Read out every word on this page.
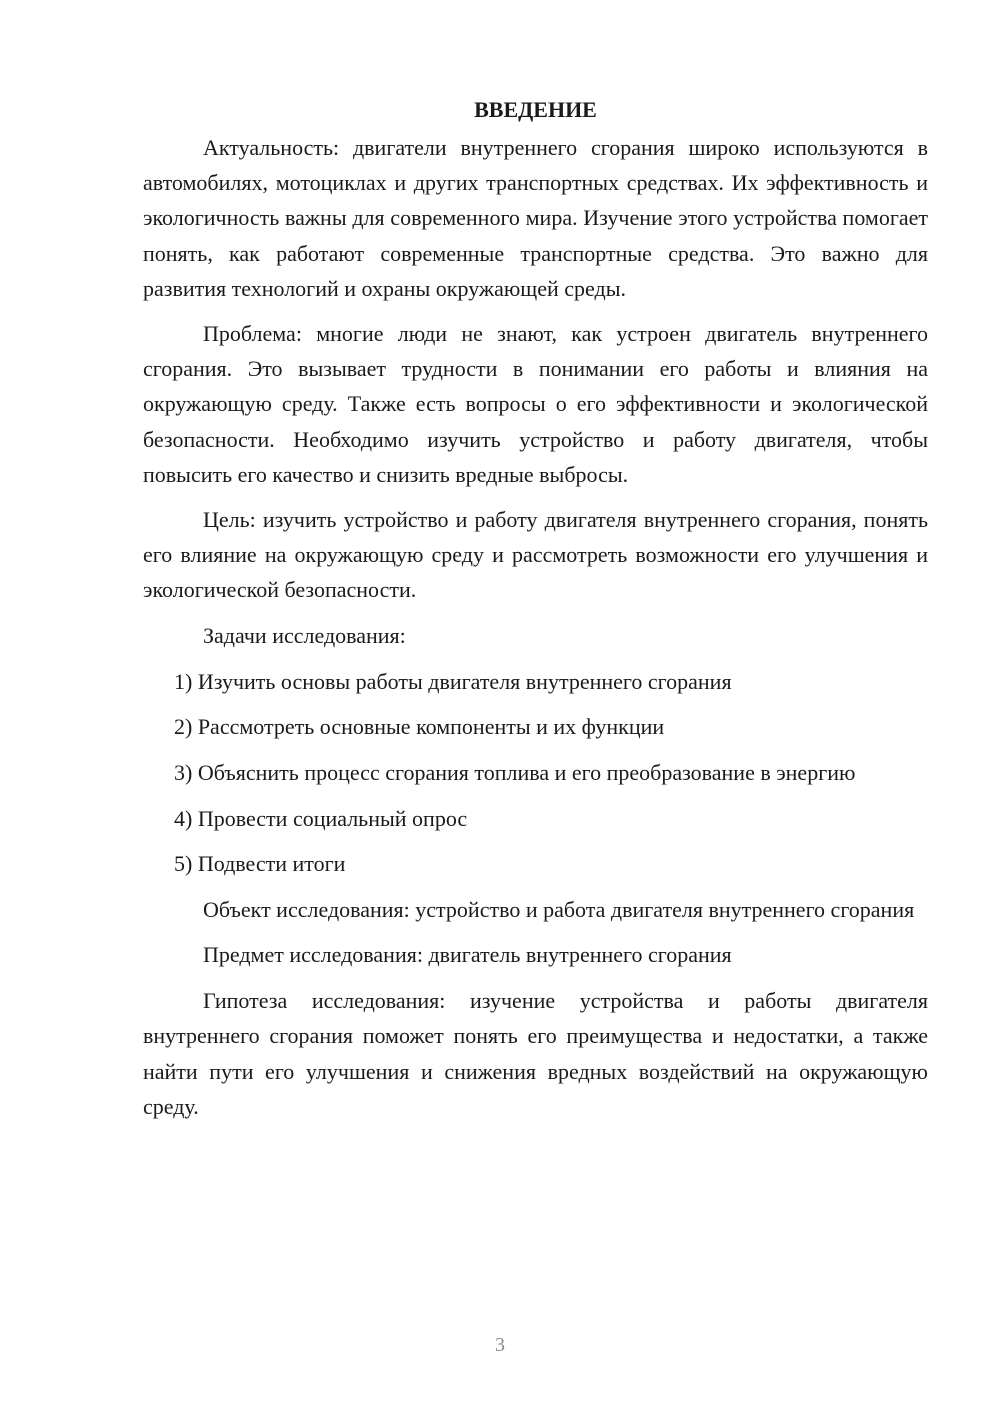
ВВЕДЕНИЕ

Актуальность: двигатели внутреннего сгорания широко используются в автомобилях, мотоциклах и других транспортных средствах. Их эффективность и экологичность важны для современного мира. Изучение этого устройства помогает понять, как работают современные транспортные средства. Это важно для развития технологий и охраны окружающей среды.

Проблема: многие люди не знают, как устроен двигатель внутреннего сгорания. Это вызывает трудности в понимании его работы и влияния на окружающую среду. Также есть вопросы о его эффективности и экологической безопасности. Необходимо изучить устройство и работу двигателя, чтобы повысить его качество и снизить вредные выбросы.

Цель: изучить устройство и работу двигателя внутреннего сгорания, понять его влияние на окружающую среду и рассмотреть возможности его улучшения и экологической безопасности.

Задачи исследования:

1) Изучить основы работы двигателя внутреннего сгорания

2) Рассмотреть основные компоненты и их функции

3) Объяснить процесс сгорания топлива и его преобразование в энергию

4) Провести социальный опрос

5) Подвести итоги

Объект исследования: устройство и работа двигателя внутреннего сгорания

Предмет исследования: двигатель внутреннего сгорания

Гипотеза исследования: изучение устройства и работы двигателя внутреннего сгорания поможет понять его преимущества и недостатки, а также найти пути его улучшения и снижения вредных воздействий на окружающую среду.

3
